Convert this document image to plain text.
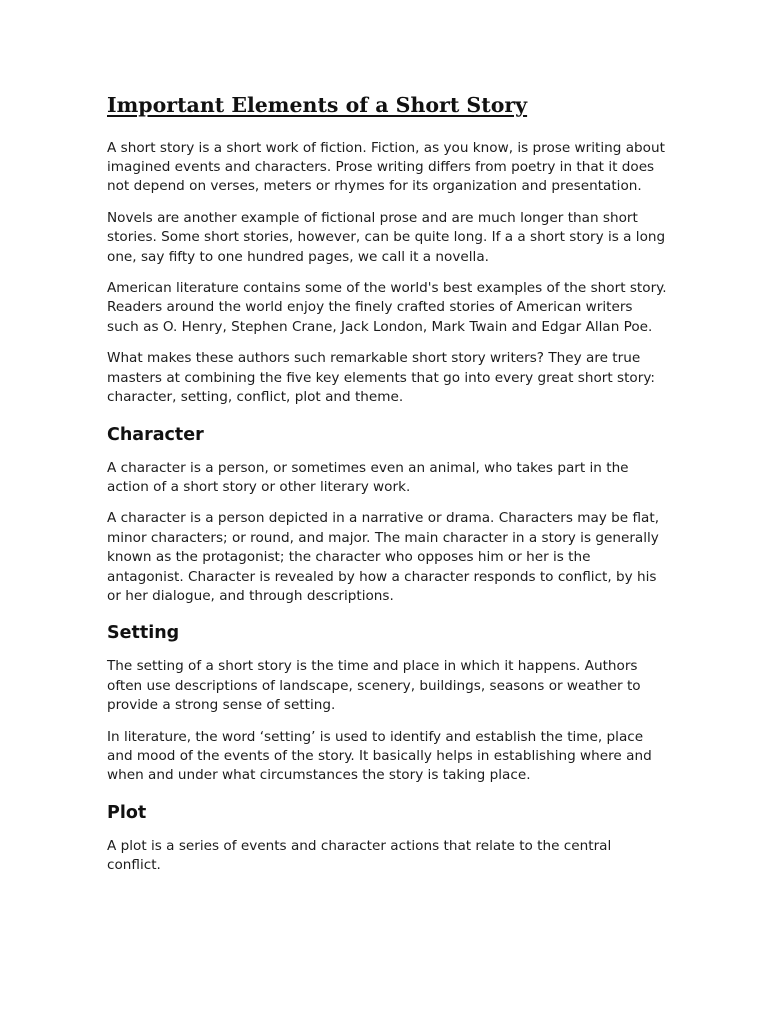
Important Elements of a Short Story

A short story is a short work of fiction. Fiction, as you know, is prose writing about imagined events and characters. Prose writing differs from poetry in that it does not depend on verses, meters or rhymes for its organization and presentation.

Novels are another example of fictional prose and are much longer than short stories. Some short stories, however, can be quite long. If a a short story is a long one, say fifty to one hundred pages, we call it a novella.

American literature contains some of the world's best examples of the short story. Readers around the world enjoy the finely crafted stories of American writers such as O. Henry, Stephen Crane, Jack London, Mark Twain and Edgar Allan Poe.

What makes these authors such remarkable short story writers? They are true masters at combining the five key elements that go into every great short story: character, setting, conflict, plot and theme.

Character

A character is a person, or sometimes even an animal, who takes part in the action of a short story or other literary work.

A character is a person depicted in a narrative or drama. Characters may be flat, minor characters; or round, and major. The main character in a story is generally known as the protagonist; the character who opposes him or her is the antagonist. Character is revealed by how a character responds to conflict, by his or her dialogue, and through descriptions.

Setting

The setting of a short story is the time and place in which it happens. Authors often use descriptions of landscape, scenery, buildings, seasons or weather to provide a strong sense of setting.

In literature, the word ‘setting’ is used to identify and establish the time, place and mood of the events of the story. It basically helps in establishing where and when and under what circumstances the story is taking place.

Plot

A plot is a series of events and character actions that relate to the central conflict.
